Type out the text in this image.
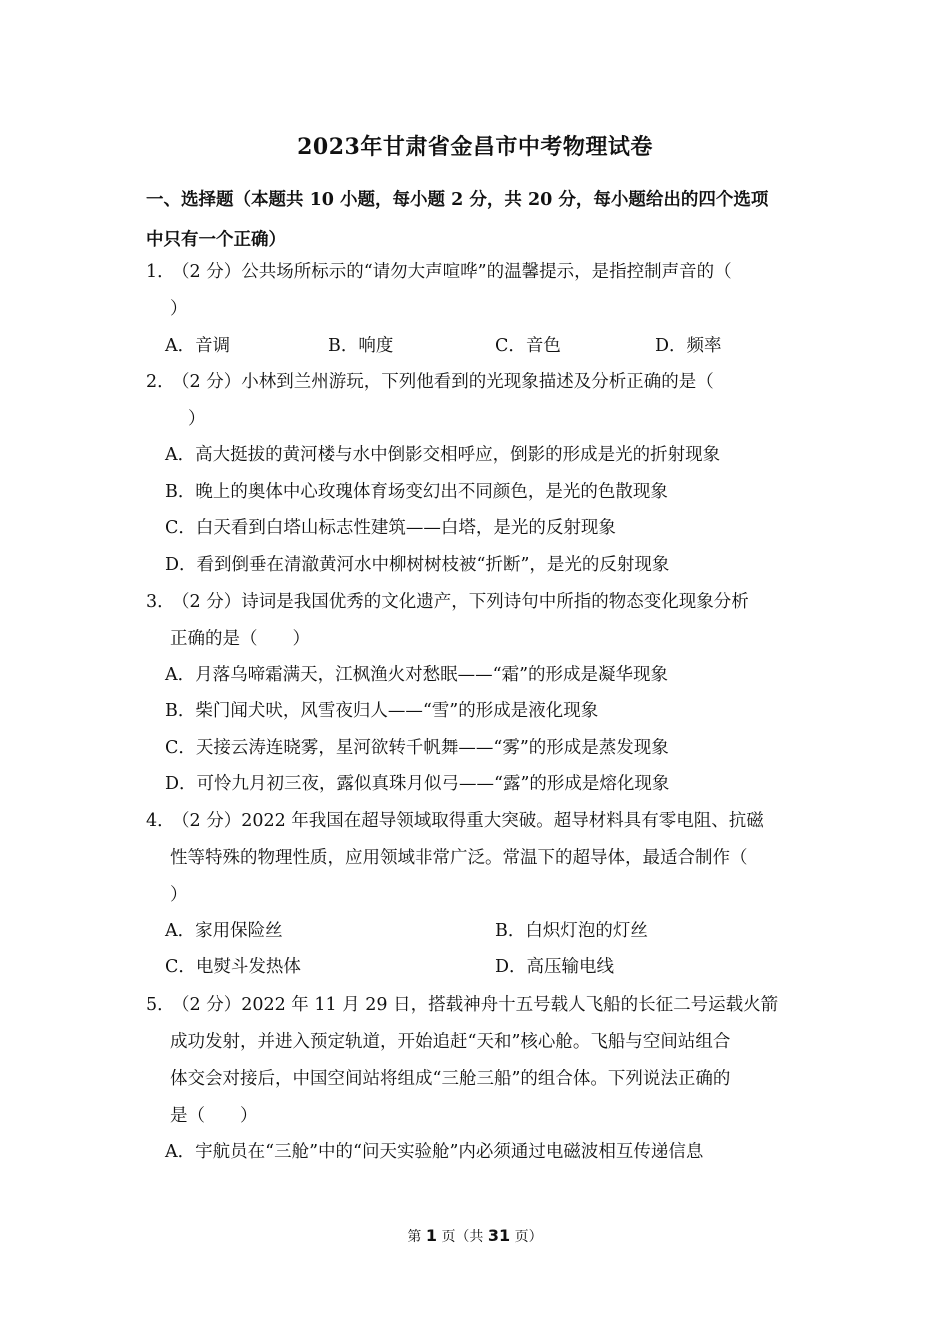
2023年甘肃省金昌市中考物理试卷
一、选择题（本题共 10 小题，每小题 2 分，共 20 分，每小题给出的四个选项
中只有一个正确）
1．
（2 分）公共场所标示的“请勿大声喧哗”的温馨提示，是指控制声音的（
）
A．音调	B．响度	C．音色	D．频率
2．
（2 分）小林到兰州游玩，下列他看到的光现象描述及分析正确的是（
）
A．高大挺拔的黄河楼与水中倒影交相呼应，倒影的形成是光的折射现象
B．晚上的奥体中心玫瑰体育场变幻出不同颜色，是光的色散现象
C．白天看到白塔山标志性建筑——白塔，是光的反射现象
D．看到倒垂在清澈黄河水中柳树树枝被“折断”，是光的反射现象
3．
（2 分）诗词是我国优秀的文化遗产，下列诗句中所指的物态变化现象分析
正确的是（　　）
A．月落乌啼霜满天，江枫渔火对愁眠——“霜”的形成是凝华现象
B．柴门闻犬吠，风雪夜归人——“雪”的形成是液化现象
C．天接云涛连晓雾，星河欲转千帆舞——“雾”的形成是蒸发现象
D．可怜九月初三夜，露似真珠月似弓——“露”的形成是熔化现象
4．
（2 分）2022 年我国在超导领域取得重大突破。超导材料具有零电阻、抗磁
性等特殊的物理性质，应用领域非常广泛。常温下的超导体，最适合制作（
）
A．家用保险丝	B．白炽灯泡的灯丝
C．电熨斗发热体	D．高压输电线
5．
（2 分）2022 年 11 月 29 日，搭载神舟十五号载人飞船的长征二号运载火箭
成功发射，并进入预定轨道，开始追赶“天和”核心舱。飞船与空间站组合
体交会对接后，中国空间站将组成“三舱三船”的组合体。下列说法正确的
是（　　）
A．宇航员在“三舱”中的“问天实验舱”内必须通过电磁波相互传递信息
第 1 页（共 31 页）
